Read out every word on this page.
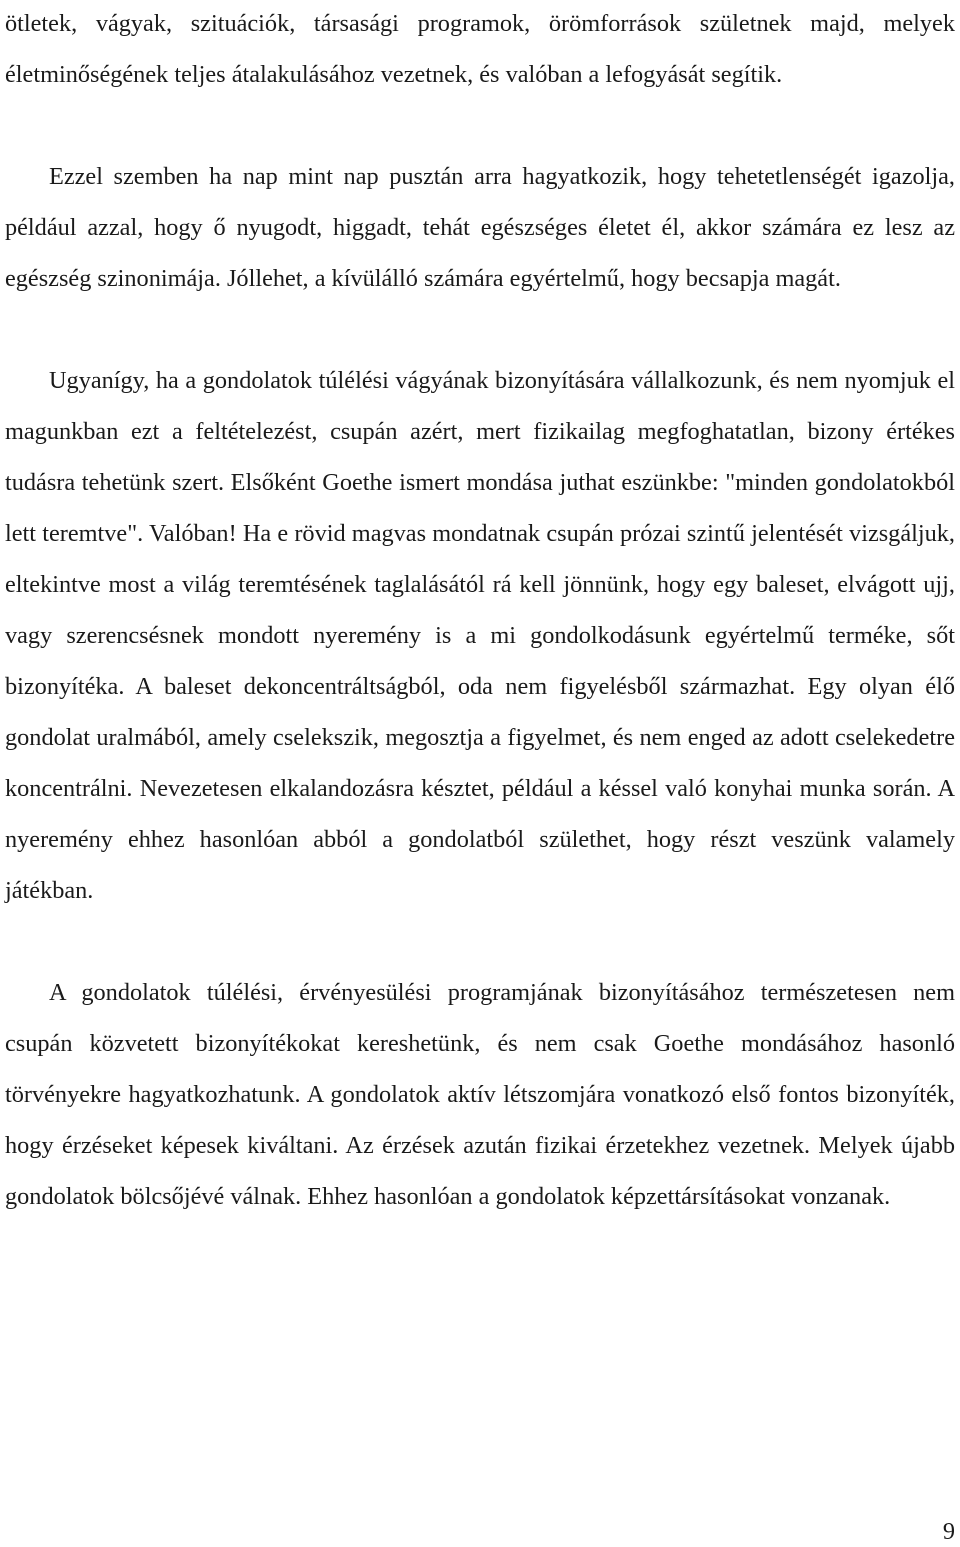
ötletek, vágyak, szituációk, társasági programok, örömforrások születnek majd, melyek életminőségének teljes átalakulásához vezetnek, és valóban a lefogyását segítik.

Ezzel szemben ha nap mint nap pusztán arra hagyatkozik, hogy tehetetlenségét igazolja, például azzal, hogy ő nyugodt, higgadt, tehát egészséges életet él, akkor számára ez lesz az egészség szinonimája. Jóllehet, a kívülálló számára egyértelmű, hogy becsapja magát.

Ugyanígy, ha a gondolatok túlélési vágyának bizonyítására vállalkozunk, és nem nyomjuk el magunkban ezt a feltételezést, csupán azért, mert fizikailag megfoghatatlan, bizony értékes tudásra tehetünk szert. Elsőként Goethe ismert mondása juthat eszünkbe: "minden gondolatokból lett teremtve". Valóban! Ha e rövid magvas mondatnak csupán prózai szintű jelentését vizsgáljuk, eltekintve most a világ teremtésének taglalásától rá kell jönnünk, hogy egy baleset, elvágott ujj, vagy szerencsésnek mondott nyeremény is a mi gondolkodásunk egyértelmű terméke, sőt bizonyítéka. A baleset dekoncentráltságból, oda nem figyelésből származhat. Egy olyan élő gondolat uralmából, amely cselekszik, megosztja a figyelmet, és nem enged az adott cselekedetre koncentrálni. Nevezetesen elkalandozásra késztet, például a késsel való konyhai munka során. A nyeremény ehhez hasonlóan abból a gondolatból születhet, hogy részt veszünk valamely játékban.

A gondolatok túlélési, érvényesülési programjának bizonyításához természetesen nem csupán közvetett bizonyítékokat kereshetünk, és nem csak Goethe mondásához hasonló törvényekre hagyatkozhatunk. A gondolatok aktív létszomjára vonatkozó első fontos bizonyíték, hogy érzéseket képesek kiváltani. Az érzések azután fizikai érzetekhez vezetnek. Melyek újabb gondolatok bölcsőjévé válnak. Ehhez hasonlóan a gondolatok képzettársításokat vonzanak.

9
